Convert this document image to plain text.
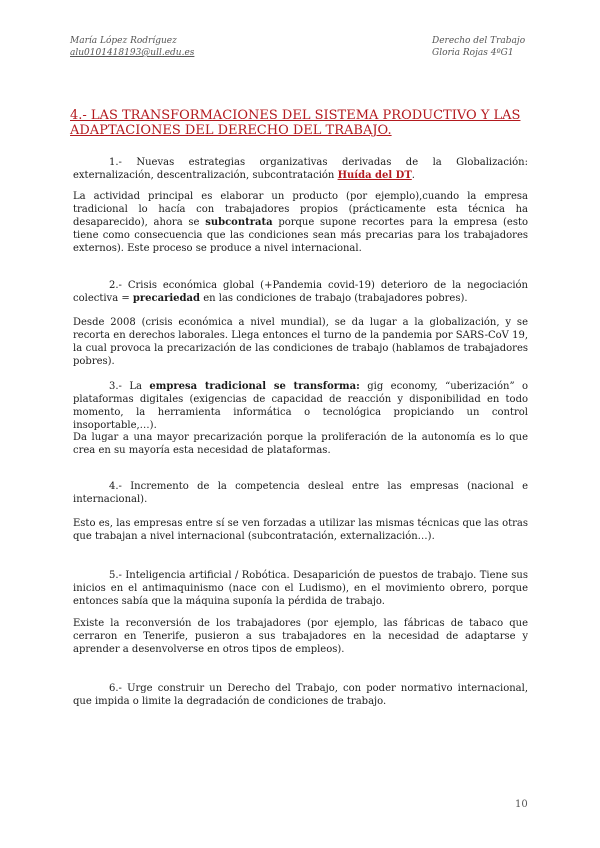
María López Rodríguez
alu0101418193@ull.edu.es
Derecho del Trabajo
Gloria Rojas 4ºG1
4.- LAS TRANSFORMACIONES DEL SISTEMA PRODUCTIVO Y LAS ADAPTACIONES DEL DERECHO DEL TRABAJO.

1.- Nuevas estrategias organizativas derivadas de la Globalización: externalización, descentralización, subcontratación Huída del DT.

La actividad principal es elaborar un producto (por ejemplo),cuando la empresa tradicional lo hacía con trabajadores propios (prácticamente esta técnica ha desaparecido), ahora se subcontrata porque supone recortes para la empresa (esto tiene como consecuencia que las condiciones sean más precarias para los trabajadores externos). Este proceso se produce a nivel internacional.

2.- Crisis económica global (+Pandemia covid-19) deterioro de la negociación colectiva = precariedad en las condiciones de trabajo (trabajadores pobres).

Desde 2008 (crisis económica a nivel mundial), se da lugar a la globalización, y se recorta en derechos laborales. Llega entonces el turno de la pandemia por SARS-CoV 19, la cual provoca la precarización de las condiciones de trabajo (hablamos de trabajadores pobres).

3.- La empresa tradicional se transforma: gig economy, “uberización” o plataformas digitales (exigencias de capacidad de reacción y disponibilidad en todo momento, la herramienta informática o tecnológica propiciando un control insoportable,…).

Da lugar a una mayor precarización porque la proliferación de la autonomía es lo que crea en su mayoría esta necesidad de plataformas.

4.- Incremento de la competencia desleal entre las empresas (nacional e internacional).

Esto es, las empresas entre sí se ven forzadas a utilizar las mismas técnicas que las otras que trabajan a nivel internacional (subcontratación, externalización…).

5.- Inteligencia artificial / Robótica. Desaparición de puestos de trabajo. Tiene sus inicios en el antimaquinismo (nace con el Ludismo), en el movimiento obrero, porque entonces sabía que la máquina suponía la pérdida de trabajo.

Existe la reconversión de los trabajadores (por ejemplo, las fábricas de tabaco que cerraron en Tenerife, pusieron a sus trabajadores en la necesidad de adaptarse y aprender a desenvolverse en otros tipos de empleos).

6.- Urge construir un Derecho del Trabajo, con poder normativo internacional, que impida o limite la degradación de condiciones de trabajo.

10
